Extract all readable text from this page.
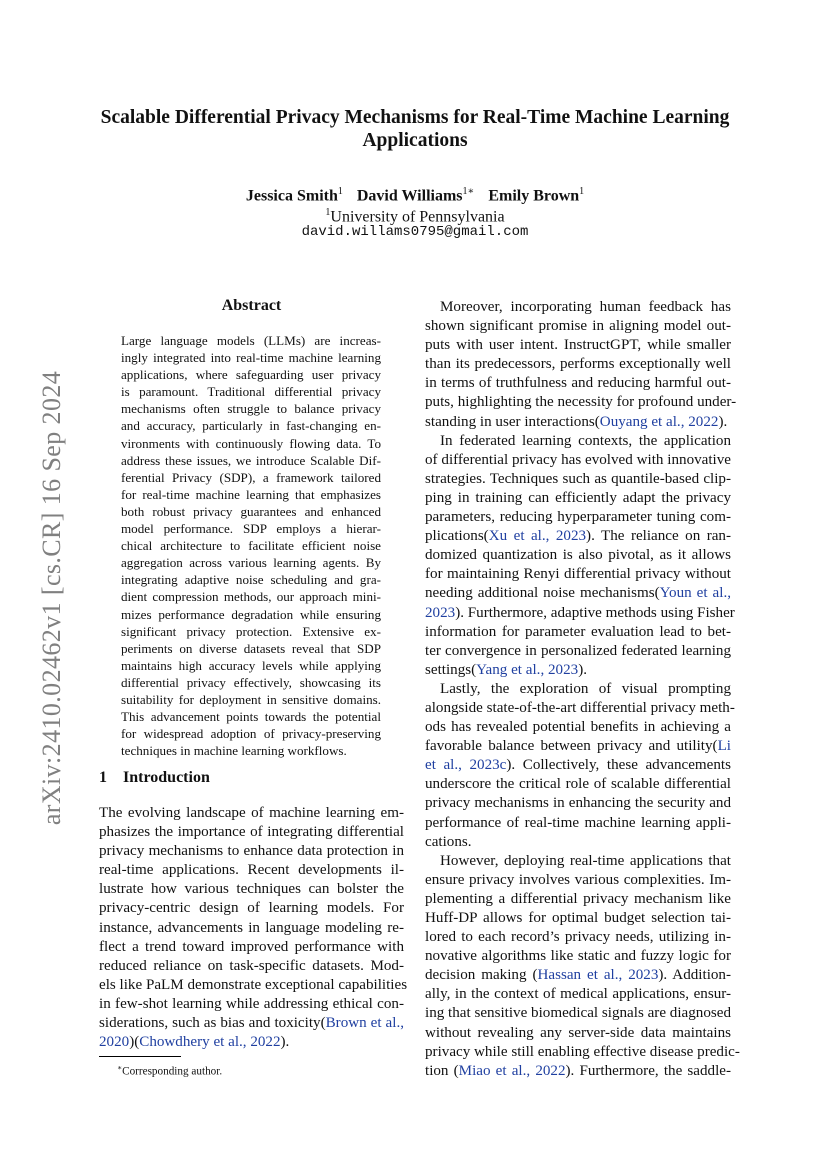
arXiv:2410.02462v1 [cs.CR] 16 Sep 2024
Scalable Differential Privacy Mechanisms for Real-Time Machine Learning
Applications
Jessica Smith$^1$ David Williams$^{1∗}$ Emily Brown$^1$
$^1$University of Pennsylvania
david.willams0795@gmail.com
Abstract
Large language models (LLMs) are increas-
ingly integrated into real-time machine learning
applications, where safeguarding user privacy
is paramount. Traditional differential privacy
mechanisms often struggle to balance privacy
and accuracy, particularly in fast-changing en-
vironments with continuously flowing data. To
address these issues, we introduce Scalable Dif-
ferential Privacy (SDP), a framework tailored
for real-time machine learning that emphasizes
both robust privacy guarantees and enhanced
model performance. SDP employs a hierar-
chical architecture to facilitate efficient noise
aggregation across various learning agents. By
integrating adaptive noise scheduling and gra-
dient compression methods, our approach mini-
mizes performance degradation while ensuring
significant privacy protection. Extensive ex-
periments on diverse datasets reveal that SDP
maintains high accuracy levels while applying
differential privacy effectively, showcasing its
suitability for deployment in sensitive domains.
This advancement points towards the potential
for widespread adoption of privacy-preserving
techniques in machine learning workflows.
1 Introduction
The evolving landscape of machine learning em-
phasizes the importance of integrating differential
privacy mechanisms to enhance data protection in
real-time applications. Recent developments il-
lustrate how various techniques can bolster the
privacy-centric design of learning models. For
instance, advancements in language modeling re-
flect a trend toward improved performance with
reduced reliance on task-specific datasets. Mod-
els like PaLM demonstrate exceptional capabilities
in few-shot learning while addressing ethical con-
siderations, such as bias and toxicity(Brown et al.,
2020)(Chowdhery et al., 2022).
Moreover, incorporating human feedback has
shown significant promise in aligning model out-
puts with user intent. InstructGPT, while smaller
than its predecessors, performs exceptionally well
in terms of truthfulness and reducing harmful out-
puts, highlighting the necessity for profound under-
standing in user interactions(Ouyang et al., 2022).
In federated learning contexts, the application
of differential privacy has evolved with innovative
strategies. Techniques such as quantile-based clip-
ping in training can efficiently adapt the privacy
parameters, reducing hyperparameter tuning com-
plications(Xu et al., 2023). The reliance on ran-
domized quantization is also pivotal, as it allows
for maintaining Renyi differential privacy without
needing additional noise mechanisms(Youn et al.,
2023). Furthermore, adaptive methods using Fisher
information for parameter evaluation lead to bet-
ter convergence in personalized federated learning
settings(Yang et al., 2023).
Lastly, the exploration of visual prompting
alongside state-of-the-art differential privacy meth-
ods has revealed potential benefits in achieving a
favorable balance between privacy and utility(Li
et al., 2023c). Collectively, these advancements
underscore the critical role of scalable differential
privacy mechanisms in enhancing the security and
performance of real-time machine learning appli-
cations.
However, deploying real-time applications that
ensure privacy involves various complexities. Im-
plementing a differential privacy mechanism like
Huff-DP allows for optimal budget selection tai-
lored to each record’s privacy needs, utilizing in-
novative algorithms like static and fuzzy logic for
decision making (Hassan et al., 2023). Addition-
ally, in the context of medical applications, ensur-
ing that sensitive biomedical signals are diagnosed
without revealing any server-side data maintains
privacy while still enabling effective disease predic-
tion (Miao et al., 2022). Furthermore, the saddle-
∗Corresponding author.
